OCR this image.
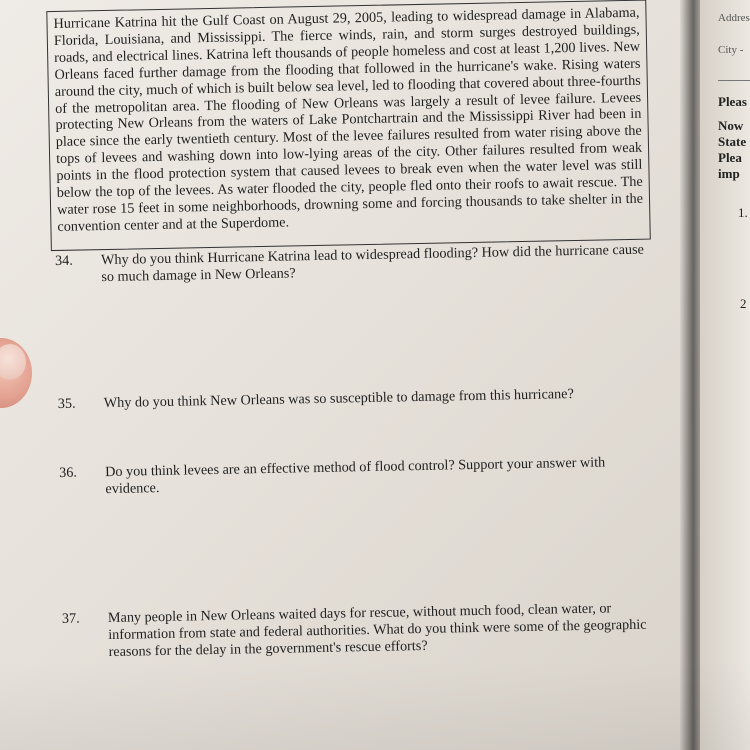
Hurricane Katrina hit the Gulf Coast on August 29, 2005, leading to widespread damage in Alabama, Florida, Louisiana, and Mississippi. The fierce winds, rain, and storm surges destroyed buildings, roads, and electrical lines. Katrina left thousands of people homeless and cost at least 1,200 lives. New Orleans faced further damage from the flooding that followed in the hurricane's wake. Rising waters around the city, much of which is built below sea level, led to flooding that covered about three-fourths of the metropolitan area. The flooding of New Orleans was largely a result of levee failure. Levees protecting New Orleans from the waters of Lake Pontchartrain and the Mississippi River had been in place since the early twentieth century. Most of the levee failures resulted from water rising above the tops of levees and washing down into low-lying areas of the city. Other failures resulted from weak points in the flood protection system that caused levees to break even when the water level was still below the top of the levees. As water flooded the city, people fled onto their roofs to await rescue. The water rose 15 feet in some neighborhoods, drowning some and forcing thousands to take shelter in the convention center and at the Superdome.

34.	Why do you think Hurricane Katrina lead to widespread flooding? How did the hurricane cause so much damage in New Orleans?
35.	Why do you think New Orleans was so susceptible to damage from this hurricane?
36.	Do you think levees are an effective method of flood control? Support your answer with evidence.
37.	Many people in New Orleans waited days for rescue, without much food, clean water, or information from state and federal authorities. What do you think were some of the geographic reasons for the delay in the government's rescue efforts?
Addres
City -
Pleas
Now
State
Plea
imp
1.
2
